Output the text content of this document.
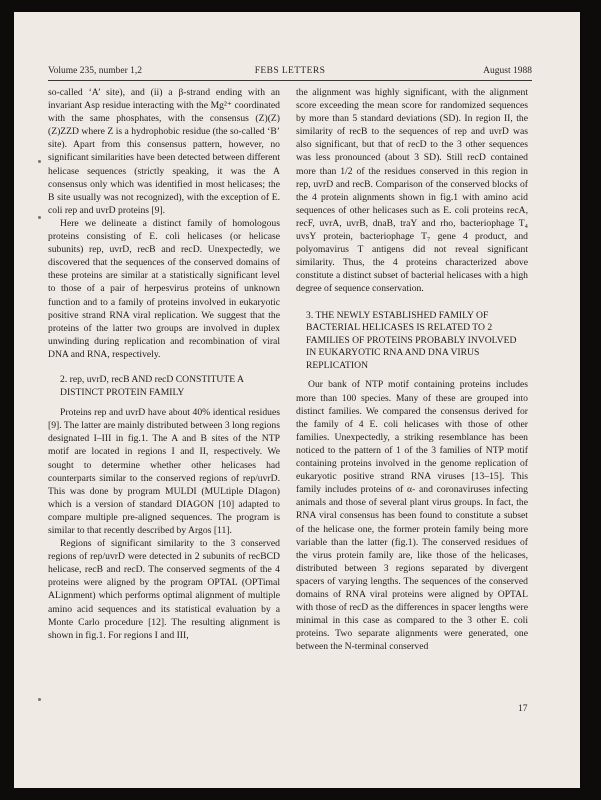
Volume 235, number 1,2	FEBS LETTERS	August 1988

so-called ‘A’ site), and (ii) a β-strand ending with an invariant Asp residue interacting with the Mg²⁺ coordinated with the same phosphates, with the consensus (Z)(Z)(Z)ZZD where Z is a hydrophobic residue (the so-called ‘B’ site). Apart from this consensus pattern, however, no significant similarities have been detected between different helicase sequences (strictly speaking, it was the A consensus only which was identified in most helicases; the B site usually was not recognized), with the exception of E. coli rep and uvrD proteins [9].

Here we delineate a distinct family of homologous proteins consisting of E. coli helicases (or helicase subunits) rep, uvrD, recB and recD. Unexpectedly, we discovered that the sequences of the conserved domains of these proteins are similar at a statistically significant level to those of a pair of herpesvirus proteins of unknown function and to a family of proteins involved in eukaryotic positive strand RNA viral replication. We suggest that the proteins of the latter two groups are involved in duplex unwinding during replication and recombination of viral DNA and RNA, respectively.

2. rep, uvrD, recB AND recD CONSTITUTE A DISTINCT PROTEIN FAMILY

Proteins rep and uvrD have about 40% identical residues [9]. The latter are mainly distributed between 3 long regions designated I–III in fig.1. The A and B sites of the NTP motif are located in regions I and II, respectively. We sought to determine whether other helicases had counterparts similar to the conserved regions of rep/uvrD. This was done by program MULDI (MULtiple DIagon) which is a version of standard DIAGON [10] adapted to compare multiple pre-aligned sequences. The program is similar to that recently described by Argos [11].

Regions of significant similarity to the 3 conserved regions of rep/uvrD were detected in 2 subunits of recBCD helicase, recB and recD. The conserved segments of the 4 proteins were aligned by the program OPTAL (OPTimal ALignment) which performs optimal alignment of multiple amino acid sequences and its statistical evaluation by a Monte Carlo procedure [12]. The resulting alignment is shown in fig.1. For regions I and III,

the alignment was highly significant, with the alignment score exceeding the mean score for randomized sequences by more than 5 standard deviations (SD). In region II, the similarity of recB to the sequences of rep and uvrD was also significant, but that of recD to the 3 other sequences was less pronounced (about 3 SD). Still recD contained more than 1/2 of the residues conserved in this region in rep, uvrD and recB. Comparison of the conserved blocks of the 4 protein alignments shown in fig.1 with amino acid sequences of other helicases such as E. coli proteins recA, recF, uvrA, uvrB, dnaB, traY and rho, bacteriophage T₄ uvsY protein, bacteriophage T₇ gene 4 product, and polyomavirus T antigens did not reveal significant similarity. Thus, the 4 proteins characterized above constitute a distinct subset of bacterial helicases with a high degree of sequence conservation.

3. THE NEWLY ESTABLISHED FAMILY OF BACTERIAL HELICASES IS RELATED TO 2 FAMILIES OF PROTEINS PROBABLY INVOLVED IN EUKARYOTIC RNA AND DNA VIRUS REPLICATION

Our bank of NTP motif containing proteins includes more than 100 species. Many of these are grouped into distinct families. We compared the consensus derived for the family of 4 E. coli helicases with those of other families. Unexpectedly, a striking resemblance has been noticed to the pattern of 1 of the 3 families of NTP motif containing proteins involved in the genome replication of eukaryotic positive strand RNA viruses [13–15]. This family includes proteins of α- and coronaviruses infecting animals and those of several plant virus groups. In fact, the RNA viral consensus has been found to constitute a subset of the helicase one, the former protein family being more variable than the latter (fig.1). The conserved residues of the virus protein family are, like those of the helicases, distributed between 3 regions separated by divergent spacers of varying lengths. The sequences of the conserved domains of RNA viral proteins were aligned by OPTAL with those of recD as the differences in spacer lengths were minimal in this case as compared to the 3 other E. coli proteins. Two separate alignments were generated, one between the N-terminal conserved

17
